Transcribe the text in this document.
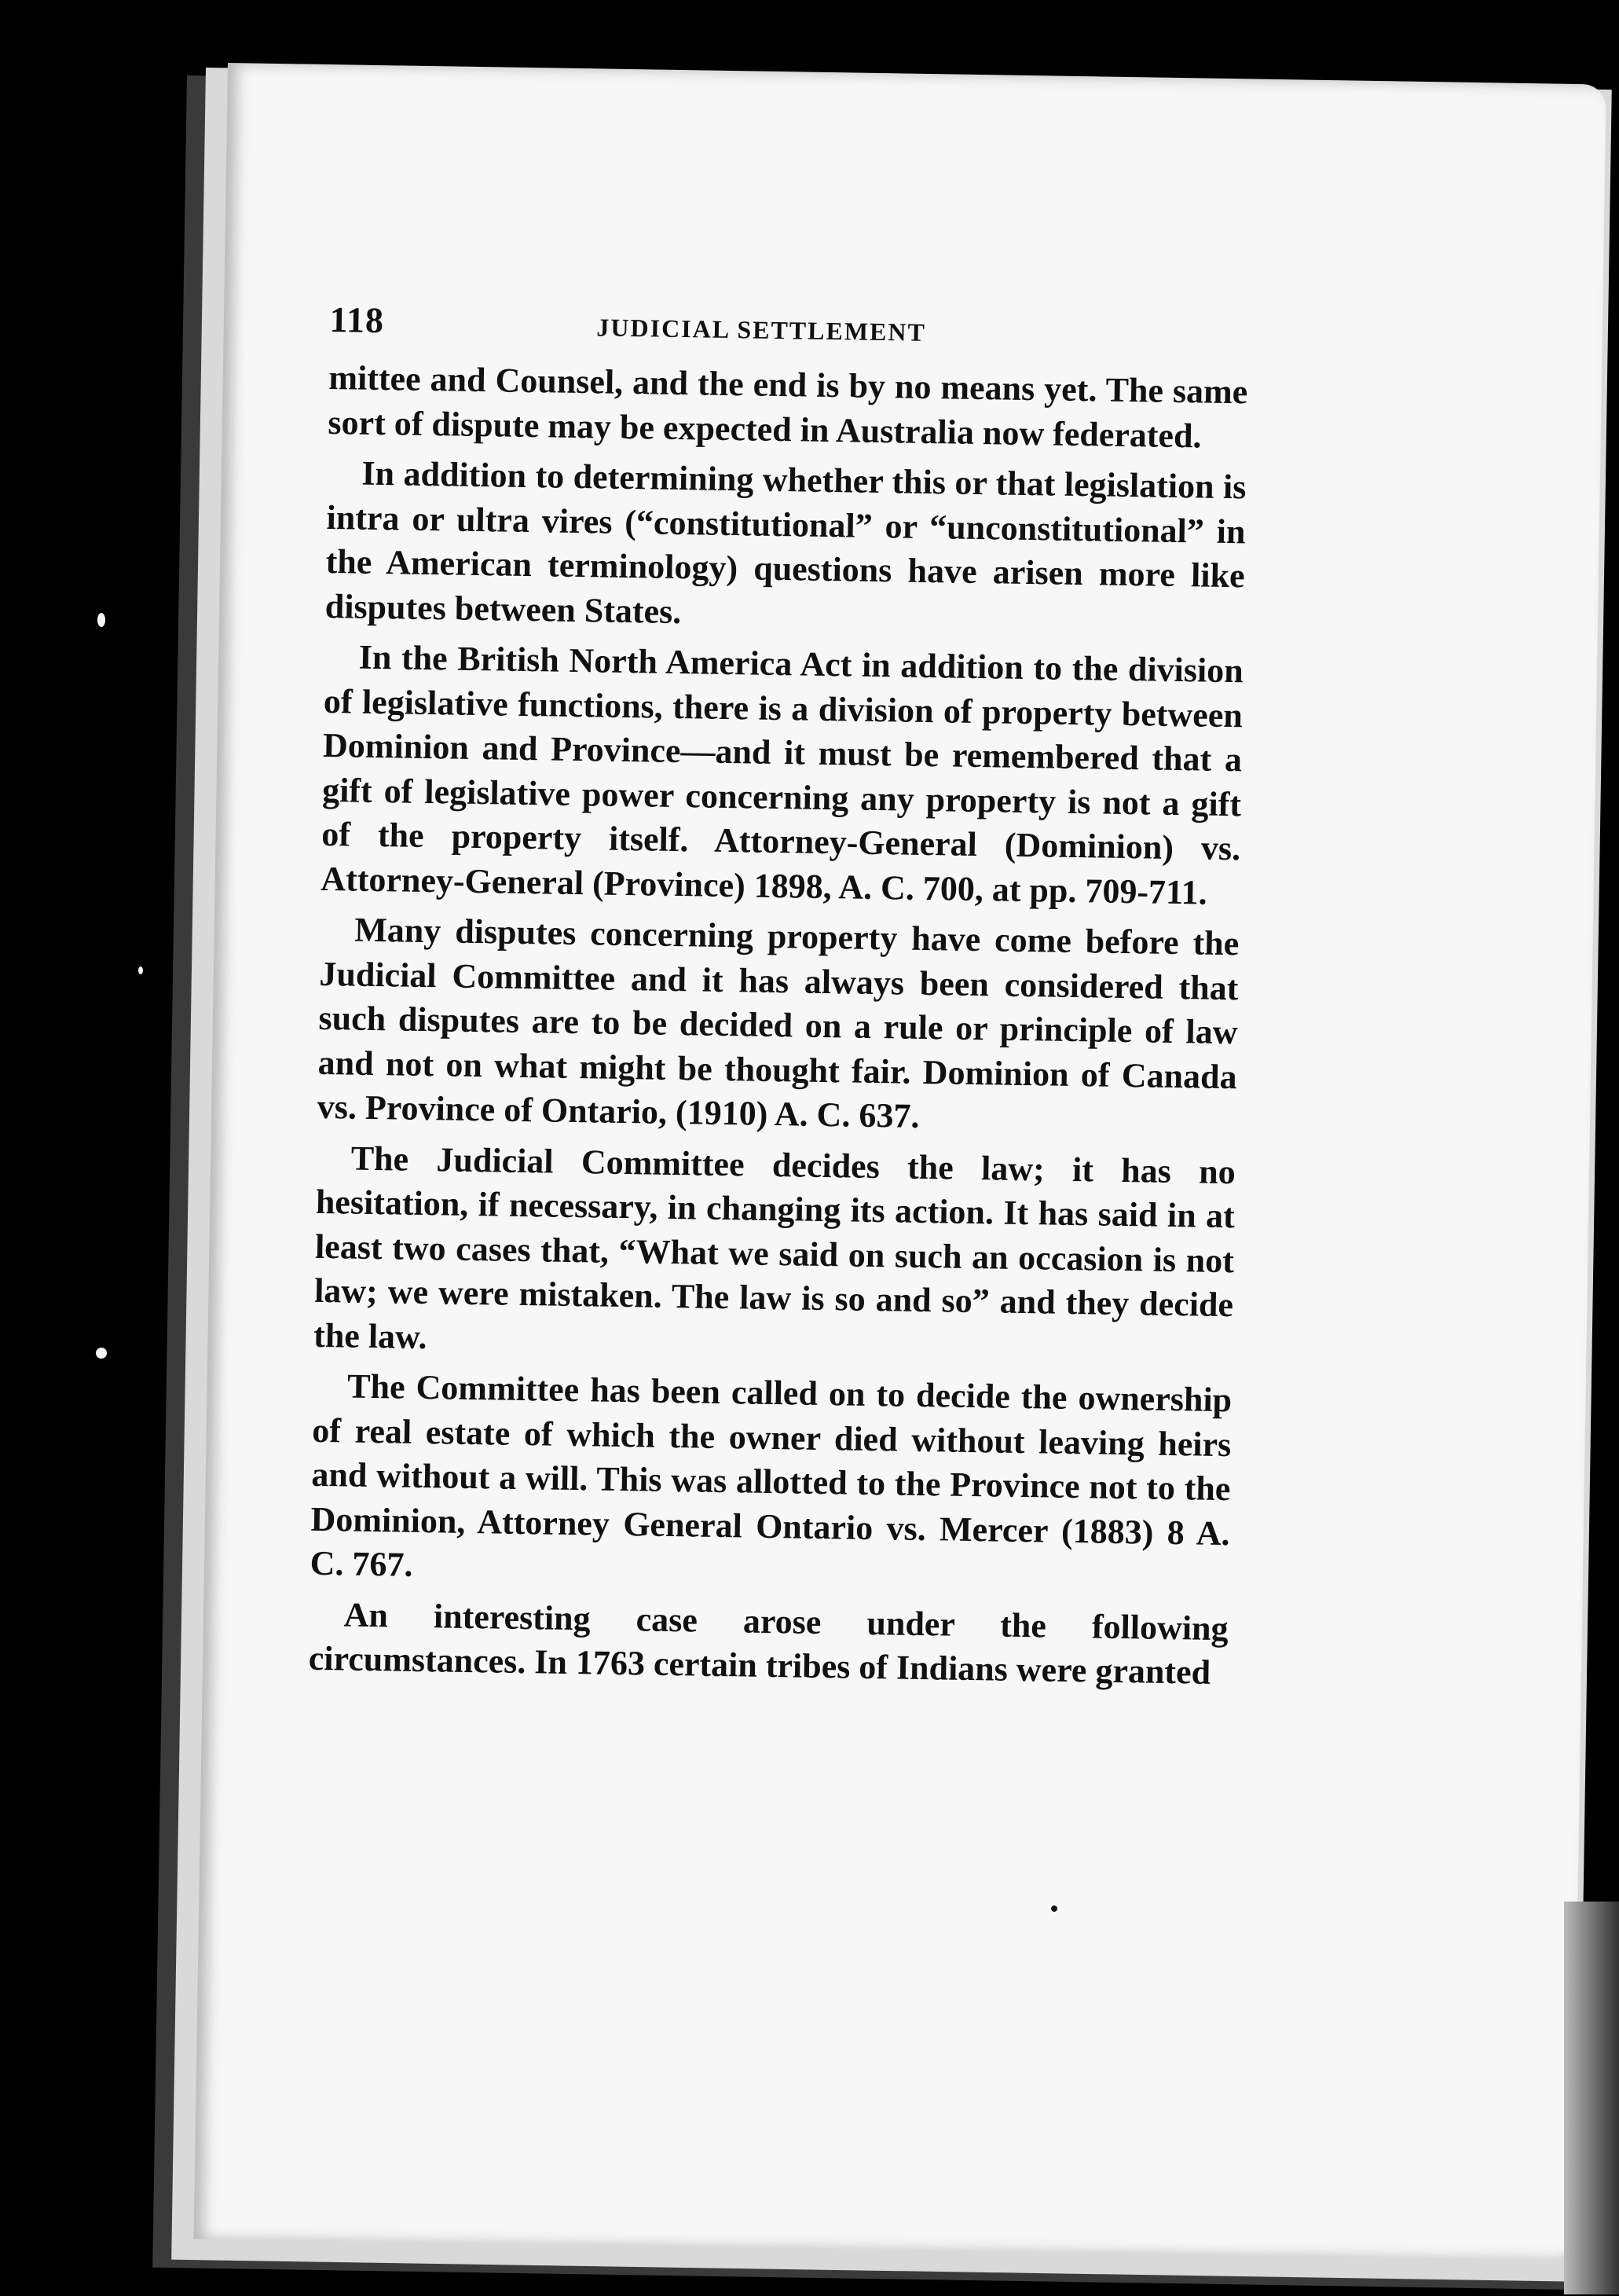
118	JUDICIAL SETTLEMENT

mittee and Counsel, and the end is by no means yet. The same sort of dispute may be expected in Australia now federated.

In addition to determining whether this or that legislation is intra or ultra vires (“constitutional” or “unconstitutional” in the American terminology) questions have arisen more like disputes between States.

In the British North America Act in addition to the division of legislative functions, there is a division of property between Dominion and Province—and it must be remembered that a gift of legislative power concerning any property is not a gift of the property itself. Attorney-General (Dominion) vs. Attorney-General (Province) 1898, A. C. 700, at pp. 709-711.

Many disputes concerning property have come before the Judicial Committee and it has always been considered that such disputes are to be decided on a rule or principle of law and not on what might be thought fair. Dominion of Canada vs. Province of Ontario, (1910) A. C. 637.

The Judicial Committee decides the law; it has no hesitation, if necessary, in changing its action. It has said in at least two cases that, “What we said on such an occasion is not law; we were mistaken. The law is so and so” and they decide the law.

The Committee has been called on to decide the ownership of real estate of which the owner died without leaving heirs and without a will. This was allotted to the Province not to the Dominion, Attorney General Ontario vs. Mercer (1883) 8 A. C. 767.

An interesting case arose under the following circumstances. In 1763 certain tribes of Indians were granted
